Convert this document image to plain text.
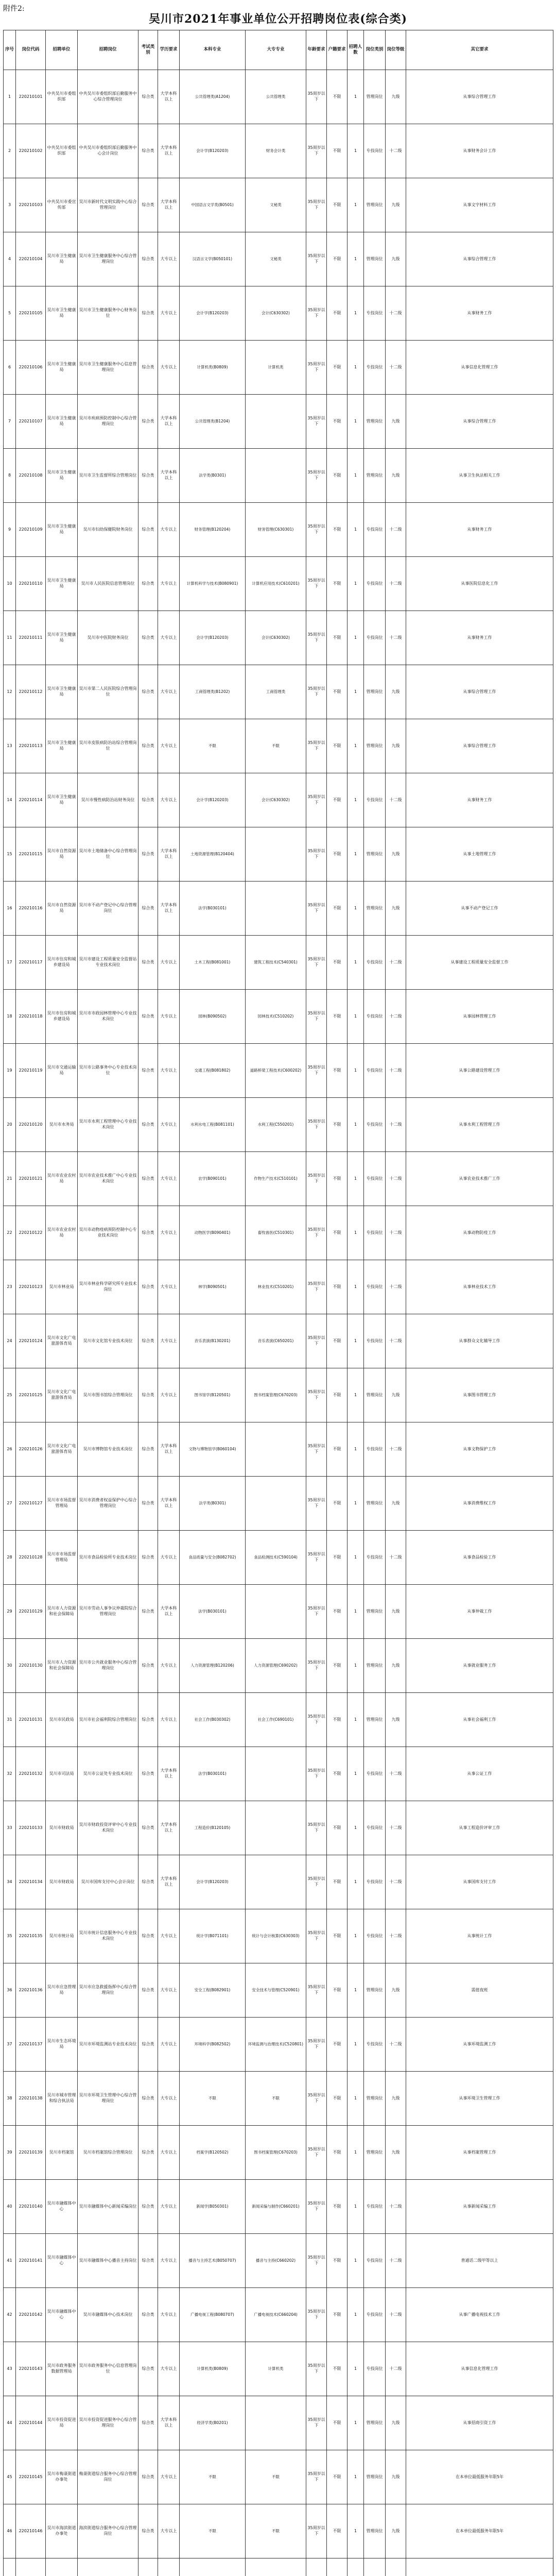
附件2:
吴川市2021年事业单位公开招聘岗位表(综合类)
序号	岗位代码	招聘单位	招聘岗位	考试类别	学历要求	本科专业	大专专业	年龄要求	户籍要求	招聘人数	岗位类别	岗位等级	其它要求
1	220210101	中共吴川市委组织部	中共吴川市委组织部后勤服务中心综合管理岗位	综合类	大学本科以上	公共管理类(A1204)	公共管理类	35周岁以下	不限	1	管理岗位	九级	从事综合管理工作
2	220210102	中共吴川市委组织部	中共吴川市委组织部后勤服务中心会计岗位	综合类	大学本科以上	会计学(B120203)	财务会计类	35周岁以下	不限	1	专技岗位	十二级	从事财务会计工作
3	220210103	中共吴川市委宣传部	吴川市新时代文明实践中心综合管理岗位	综合类	大学本科以上	中国语言文学类(B0501)	文秘类	35周岁以下	不限	1	管理岗位	九级	从事文字材料工作
4	220210104	吴川市卫生健康局	吴川市卫生健康服务中心综合管理岗位	综合类	大专以上	汉语言文学(B050101)	文秘类	35周岁以下	不限	1	管理岗位	九级	从事综合管理工作
5	220210105	吴川市卫生健康局	吴川市卫生健康服务中心财务岗位	综合类	大专以上	会计学(B120203)	会计(C630302)	35周岁以下	不限	1	专技岗位	十二级	从事财务工作
6	220210106	吴川市卫生健康局	吴川市卫生健康服务中心信息管理岗位	综合类	大专以上	计算机类(B0809)	计算机类	35周岁以下	不限	1	专技岗位	十二级	从事信息化管理工作
7	220210107	吴川市卫生健康局	吴川市疾病预防控制中心综合管理岗位	综合类	大学本科以上	公共管理类(B1204)		35周岁以下	不限	1	管理岗位	九级	从事综合管理工作
8	220210108	吴川市卫生健康局	吴川市卫生监督所综合管理岗位	综合类	大学本科以上	法学类(B0301)		35周岁以下	不限	1	管理岗位	九级	从事卫生执法相关工作
9	220210109	吴川市卫生健康局	吴川市妇幼保健院财务岗位	综合类	大专以上	财务管理(B120204)	财务管理(C630301)	35周岁以下	不限	1	专技岗位	十二级	从事财务工作
10	220210110	吴川市卫生健康局	吴川市人民医院信息管理岗位	综合类	大专以上	计算机科学与技术(B080901)	计算机应用技术(C610201)	35周岁以下	不限	1	专技岗位	十二级	从事医院信息化工作
11	220210111	吴川市卫生健康局	吴川市中医院财务岗位	综合类	大专以上	会计学(B120203)	会计(C630302)	35周岁以下	不限	1	专技岗位	十二级	从事财务工作
12	220210112	吴川市卫生健康局	吴川市第二人民医院综合管理岗位	综合类	大专以上	工商管理类(B1202)	工商管理类	35周岁以下	不限	1	管理岗位	九级	从事综合管理工作
13	220210113	吴川市卫生健康局	吴川市皮肤病防治站综合管理岗位	综合类	大专以上	不限	不限	35周岁以下	不限	1	管理岗位	九级	从事综合管理工作
14	220210114	吴川市卫生健康局	吴川市慢性病防治站财务岗位	综合类	大专以上	会计学(B120203)	会计(C630302)	35周岁以下	不限	1	专技岗位	十二级	从事财务工作
15	220210115	吴川市自然资源局	吴川市土地储备中心综合管理岗位	综合类	大学本科以上	土地资源管理(B120404)		35周岁以下	不限	1	管理岗位	九级	从事土地管理工作
16	220210116	吴川市自然资源局	吴川市不动产登记中心综合管理岗位	综合类	大学本科以上	法学(B030101)		35周岁以下	不限	1	管理岗位	九级	从事不动产登记工作
17	220210117	吴川市住房和城乡建设局	吴川市建设工程质量安全监督站专业技术岗位	综合类	大专以上	土木工程(B081001)	建筑工程技术(C540301)	35周岁以下	不限	1	专技岗位	十二级	从事建设工程质量安全监督工作
18	220210118	吴川市住房和城乡建设局	吴川市市政园林管理中心专业技术岗位	综合类	大专以上	园林(B090502)	园林技术(C510202)	35周岁以下	不限	1	专技岗位	十二级	从事园林管理工作
19	220210119	吴川市交通运输局	吴川市公路事务中心专业技术岗位	综合类	大专以上	交通工程(B081802)	道路桥梁工程技术(C600202)	35周岁以下	不限	1	专技岗位	十二级	从事公路建设管理工作
20	220210120	吴川市水务局	吴川市水利工程管理中心专业技术岗位	综合类	大专以上	水利水电工程(B081101)	水利工程(C550201)	35周岁以下	不限	1	专技岗位	十二级	从事水利工程管理工作
21	220210121	吴川市农业农村局	吴川市农业技术推广中心专业技术岗位	综合类	大专以上	农学(B090101)	作物生产技术(C510101)	35周岁以下	不限	1	专技岗位	十二级	从事农业技术推广工作
22	220210122	吴川市农业农村局	吴川市动物疫病预防控制中心专业技术岗位	综合类	大专以上	动物医学(B090401)	畜牧兽医(C510301)	35周岁以下	不限	1	专技岗位	十二级	从事动物防疫工作
23	220210123	吴川市林业局	吴川市林业科学研究所专业技术岗位	综合类	大专以上	林学(B090501)	林业技术(C510201)	35周岁以下	不限	1	专技岗位	十二级	从事林业技术工作
24	220210124	吴川市文化广电旅游体育局	吴川市文化馆专业技术岗位	综合类	大专以上	音乐表演(B130201)	音乐表演(C650201)	35周岁以下	不限	1	专技岗位	十二级	从事群众文化辅导工作
25	220210125	吴川市文化广电旅游体育局	吴川市图书馆综合管理岗位	综合类	大专以上	图书馆学(B120501)	图书档案管理(C670203)	35周岁以下	不限	1	管理岗位	九级	从事图书管理工作
26	220210126	吴川市文化广电旅游体育局	吴川市博物馆专业技术岗位	综合类	大学本科以上	文物与博物馆学(B060104)		35周岁以下	不限	1	专技岗位	十二级	从事文物保护工作
27	220210127	吴川市市场监督管理局	吴川市消费者权益保护中心综合管理岗位	综合类	大学本科以上	法学类(B0301)		35周岁以下	不限	1	管理岗位	九级	从事消费维权工作
28	220210128	吴川市市场监督管理局	吴川市食品检验所专业技术岗位	综合类	大专以上	食品质量与安全(B082702)	食品检测技术(C590104)	35周岁以下	不限	1	专技岗位	十二级	从事食品检验工作
29	220210129	吴川市人力资源和社会保障局	吴川市劳动人事争议仲裁院综合管理岗位	综合类	大学本科以上	法学(B030101)		35周岁以下	不限	1	管理岗位	九级	从事仲裁工作
30	220210130	吴川市人力资源和社会保障局	吴川市公共就业服务中心综合管理岗位	综合类	大专以上	人力资源管理(B120206)	人力资源管理(C690202)	35周岁以下	不限	1	管理岗位	九级	从事就业服务工作
31	220210131	吴川市民政局	吴川市社会福利院综合管理岗位	综合类	大专以上	社会工作(B030302)	社会工作(C690101)	35周岁以下	不限	1	管理岗位	九级	从事社会福利工作
32	220210132	吴川市司法局	吴川市公证处专业技术岗位	综合类	大学本科以上	法学(B030101)		35周岁以下	不限	1	专技岗位	十二级	从事公证工作
33	220210133	吴川市财政局	吴川市财政投资评审中心专业技术岗位	综合类	大学本科以上	工程造价(B120105)		35周岁以下	不限	1	专技岗位	十二级	从事工程造价评审工作
34	220210134	吴川市财政局	吴川市国库支付中心会计岗位	综合类	大学本科以上	会计学(B120203)		35周岁以下	不限	1	专技岗位	十二级	从事国库支付工作
35	220210135	吴川市统计局	吴川市统计信息服务中心专业技术岗位	综合类	大专以上	统计学(B071101)	统计与会计核算(C630303)	35周岁以下	不限	1	专技岗位	十二级	从事统计工作
36	220210136	吴川市应急管理局	吴川市应急救援指挥中心综合管理岗位	综合类	大专以上	安全工程(B082901)	安全技术与管理(C520901)	35周岁以下	不限	1	管理岗位	九级	需值夜班
37	220210137	吴川市生态环境局	吴川市环境监测站专业技术岗位	综合类	大专以上	环境科学(B082502)	环境监测与治理技术(C520801)	35周岁以下	不限	1	专技岗位	十二级	从事环境监测工作
38	220210138	吴川市城市管理和综合执法局	吴川市环境卫生管理中心综合管理岗位	综合类	大专以上	不限	不限	35周岁以下	不限	1	管理岗位	九级	从事环境卫生管理工作
39	220210139	吴川市档案馆	吴川市档案馆综合管理岗位	综合类	大专以上	档案学(B120502)	图书档案管理(C670203)	35周岁以下	不限	1	管理岗位	九级	从事档案管理工作
40	220210140	吴川市融媒体中心	吴川市融媒体中心新闻采编岗位	综合类	大专以上	新闻学(B050301)	新闻采编与制作(C660201)	35周岁以下	不限	1	专技岗位	十二级	从事新闻采编工作
41	220210141	吴川市融媒体中心	吴川市融媒体中心播音主持岗位	综合类	大专以上	播音与主持艺术(B050707)	播音与主持(C660202)	35周岁以下	不限	1	专技岗位	十二级	普通话二级甲等以上
42	220210142	吴川市融媒体中心	吴川市融媒体中心技术岗位	综合类	大专以上	广播电视工程(B080707)	广播电视技术(C660204)	35周岁以下	不限	1	专技岗位	十二级	从事广播电视技术工作
43	220210143	吴川市政务服务数据管理局	吴川市政务服务中心信息管理岗位	综合类	大专以上	计算机类(B0809)	计算机类	35周岁以下	不限	1	专技岗位	十二级	从事信息化管理工作
44	220210144	吴川市投资促进局	吴川市投资促进服务中心综合管理岗位	综合类	大学本科以上	经济学类(B0201)		35周岁以下	不限	1	管理岗位	九级	从事招商引资工作
45	220210145	吴川市梅菉街道办事处	梅菉街道综合服务中心综合管理岗位	综合类	大专以上	不限	不限	35周岁以下	不限	1	管理岗位	九级	在本单位最低服务年限5年
46	220210146	吴川市海滨街道办事处	海滨街道综合服务中心综合管理岗位	综合类	大专以上	不限	不限	35周岁以下	不限	1	管理岗位	九级	在本单位最低服务年限5年
